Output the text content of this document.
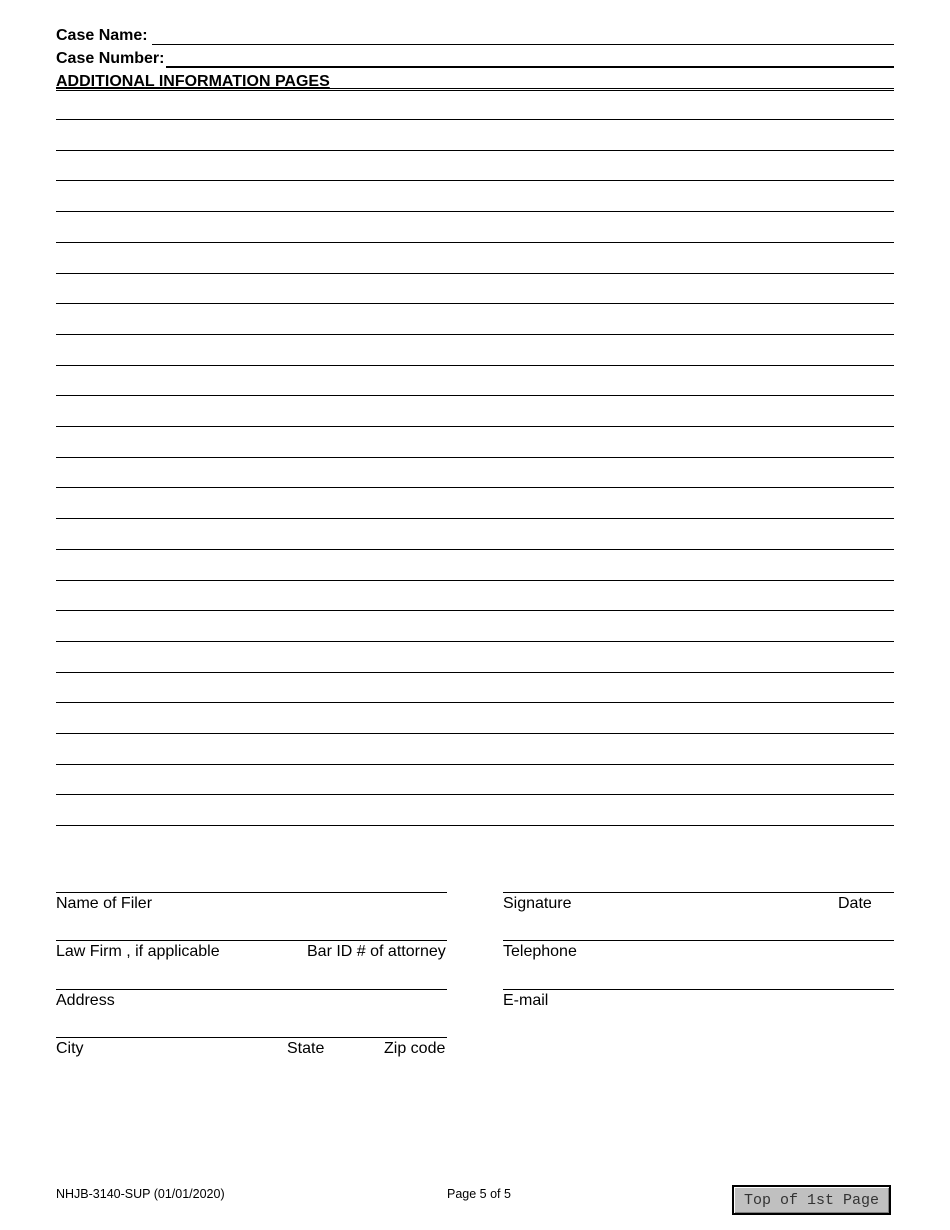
Case Name:
Case Number:
ADDITIONAL INFORMATION PAGES
Name of Filer
Law Firm , if applicable	Bar ID # of attorney
Address
City	State	Zip code
Signature	Date
Telephone
E-mail
NHJB-3140-SUP (01/01/2020)	Page 5 of 5	Top of 1st Page
